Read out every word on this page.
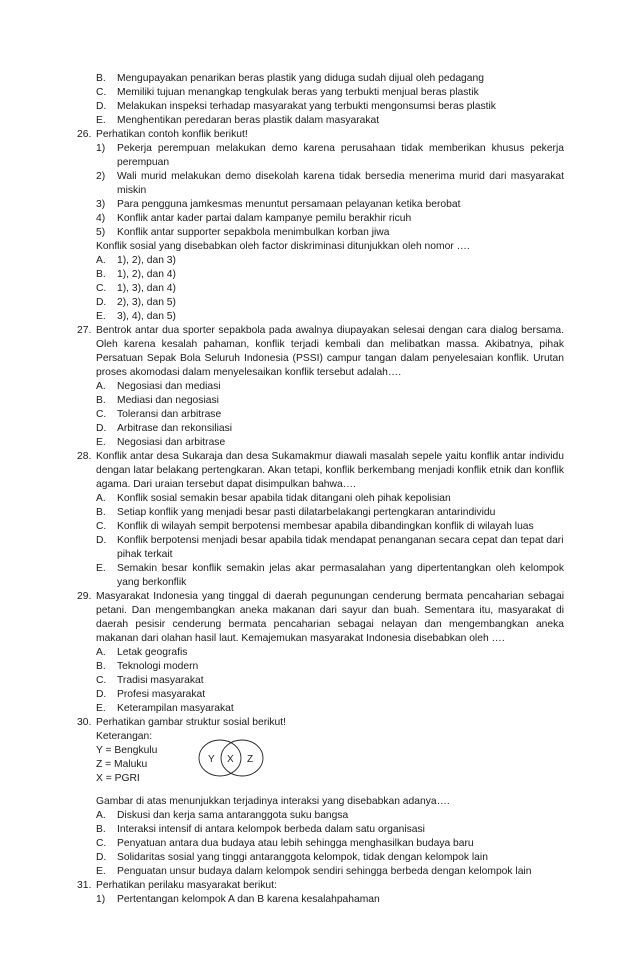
B. Mengupayakan penarikan beras plastik yang diduga sudah dijual oleh pedagang
C. Memiliki tujuan menangkap tengkulak beras yang terbukti menjual beras plastik
D. Melakukan inspeksi terhadap masyarakat yang terbukti mengonsumsi beras plastik
E. Menghentikan peredaran beras plastik dalam masyarakat
26. Perhatikan contoh konflik berikut!
1) Pekerja perempuan melakukan demo karena perusahaan tidak memberikan khusus pekerja
perempuan
2) Wali murid melakukan demo disekolah karena tidak bersedia menerima murid dari masyarakat
miskin
3) Para pengguna jamkesmas menuntut persamaan pelayanan ketika berobat
4) Konflik antar kader partai dalam kampanye pemilu berakhir ricuh
5) Konflik antar supporter sepakbola menimbulkan korban jiwa
Konflik sosial yang disebabkan oleh factor diskriminasi ditunjukkan oleh nomor ….
A. 1), 2), dan 3)
B. 1), 2), dan 4)
C. 1), 3), dan 4)
D. 2), 3), dan 5)
E. 3), 4), dan 5)
27. Bentrok antar dua sporter sepakbola pada awalnya diupayakan selesai dengan cara dialog bersama.
Oleh karena kesalah pahaman, konflik terjadi kembali dan melibatkan massa. Akibatnya, pihak
Persatuan Sepak Bola Seluruh Indonesia (PSSI) campur tangan dalam penyelesaian konflik. Urutan
proses akomodasi dalam menyelesaikan konflik tersebut adalah….
A. Negosiasi dan mediasi
B. Mediasi dan negosiasi
C. Toleransi dan arbitrase
D. Arbitrase dan rekonsiliasi
E. Negosiasi dan arbitrase
28. Konflik antar desa Sukaraja dan desa Sukamakmur diawali masalah sepele yaitu konflik antar individu
dengan latar belakang pertengkaran. Akan tetapi, konflik berkembang menjadi konflik etnik dan konflik
agama. Dari uraian tersebut dapat disimpulkan bahwa….
A. Konflik sosial semakin besar apabila tidak ditangani oleh pihak kepolisian
B. Setiap konflik yang menjadi besar pasti dilatarbelakangi pertengkaran antarindividu
C. Konflik di wilayah sempit berpotensi membesar apabila dibandingkan konflik di wilayah luas
D. Konflik berpotensi menjadi besar apabila tidak mendapat penanganan secara cepat dan tepat dari
pihak terkait
E. Semakin besar konflik semakin jelas akar permasalahan yang dipertentangkan oleh kelompok
yang berkonflik
29. Masyarakat Indonesia yang tinggal di daerah pegunungan cenderung bermata pencaharian sebagai
petani. Dan mengembangkan aneka makanan dari sayur dan buah. Sementara itu, masyarakat di
daerah pesisir cenderung bermata pencaharian sebagai nelayan dan mengembangkan aneka
makanan dari olahan hasil laut. Kemajemukan masyarakat Indonesia disebabkan oleh ….
A. Letak geografis
B. Teknologi modern
C. Tradisi masyarakat
D. Profesi masyarakat
E. Keterampilan masyarakat
30. Perhatikan gambar struktur sosial berikut!
Keterangan:
Y = Bengkulu
Z = Maluku
X = PGRI
Y X Z
Gambar di atas menunjukkan terjadinya interaksi yang disebabkan adanya….
A. Diskusi dan kerja sama antaranggota suku bangsa
B. Interaksi intensif di antara kelompok berbeda dalam satu organisasi
C. Penyatuan antara dua budaya atau lebih sehingga menghasilkan budaya baru
D. Solidaritas sosial yang tinggi antaranggota kelompok, tidak dengan kelompok lain
E. Penguatan unsur budaya dalam kelompok sendiri sehingga berbeda dengan kelompok lain
31. Perhatikan perilaku masyarakat berikut:
1) Pertentangan kelompok A dan B karena kesalahpahaman
